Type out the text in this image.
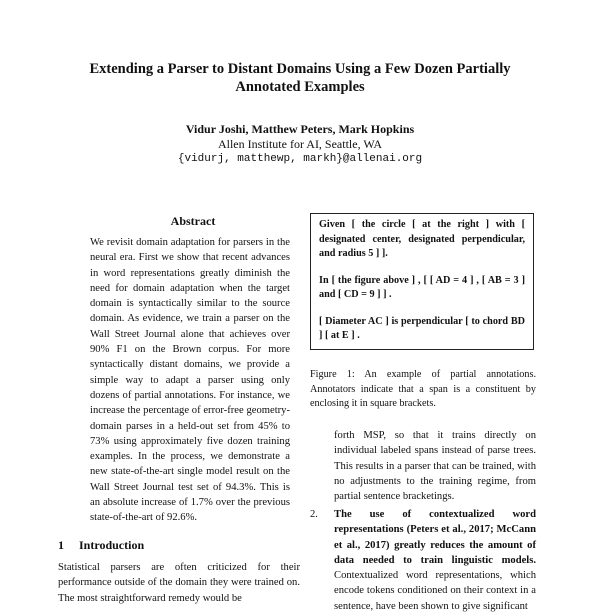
Extending a Parser to Distant Domains Using a Few Dozen Partially Annotated Examples
Vidur Joshi, Matthew Peters, Mark Hopkins
Allen Institute for AI, Seattle, WA
{vidurj, matthewp, markh}@allenai.org
Abstract
We revisit domain adaptation for parsers in the neural era. First we show that recent advances in word representations greatly diminish the need for domain adaptation when the target domain is syntactically similar to the source domain. As evidence, we train a parser on the Wall Street Journal alone that achieves over 90% F1 on the Brown corpus. For more syntactically distant domains, we provide a simple way to adapt a parser using only dozens of partial annotations. For instance, we increase the percentage of error-free geometry-domain parses in a held-out set from 45% to 73% using approximately five dozen training examples. In the process, we demonstrate a new state-of-the-art single model result on the Wall Street Journal test set of 94.3%. This is an absolute increase of 1.7% over the previous state-of-the-art of 92.6%.
1 Introduction
Statistical parsers are often criticized for their performance outside of the domain they were trained on. The most straightforward remedy would be

Given [ the circle [ at the right ] with [ designated center, designated perpendicular, and radius 5 ] ].

In [ the figure above ] , [ [ AD = 4 ] , [ AB = 3 ] and [ CD = 9 ] ] .

[ Diameter AC ] is perpendicular [ to chord BD ] [ at E ] .

Figure 1: An example of partial annotations. Annotators indicate that a span is a constituent by enclosing it in square brackets.
forth MSP, so that it trains directly on individual labeled spans instead of parse trees. This results in a parser that can be trained, with no adjustments to the training regime, from partial sentence bracketings.
2. The use of contextualized word representations (Peters et al., 2017; McCann et al., 2017) greatly reduces the amount of data needed to train linguistic models. Contextualized word representations, which encode tokens conditioned on their context in a sentence, have been shown to give significant
